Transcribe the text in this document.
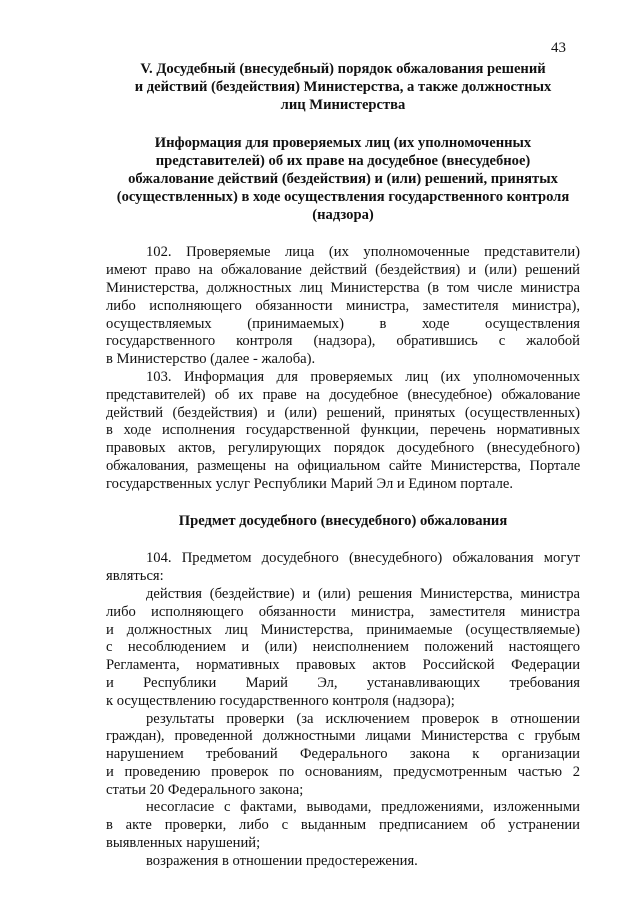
43
V. Досудебный (внесудебный) порядок обжалования решений
и действий (бездействия) Министерства, а также должностных
лиц Министерства
Информация для проверяемых лиц (их уполномоченных
представителей) об их праве на досудебное (внесудебное)
обжалование действий (бездействия) и (или) решений, принятых
(осуществленных) в ходе осуществления государственного контроля
(надзора)
102. Проверяемые лица (их уполномоченные представители)
имеют право на обжалование действий (бездействия) и (или) решений
Министерства, должностных лиц Министерства (в том числе министра
либо исполняющего обязанности министра, заместителя министра),
осуществляемых (принимаемых) в ходе осуществления
государственного контроля (надзора), обратившись с жалобой
в Министерство (далее - жалоба).
103. Информация для проверяемых лиц (их уполномоченных
представителей) об их праве на досудебное (внесудебное) обжалование
действий (бездействия) и (или) решений, принятых (осуществленных)
в ходе исполнения государственной функции, перечень нормативных
правовых актов, регулирующих порядок досудебного (внесудебного)
обжалования, размещены на официальном сайте Министерства, Портале
государственных услуг Республики Марий Эл и Едином портале.
Предмет досудебного (внесудебного) обжалования
104. Предметом досудебного (внесудебного) обжалования могут
являться:
действия (бездействие) и (или) решения Министерства, министра
либо исполняющего обязанности министра, заместителя министра
и должностных лиц Министерства, принимаемые (осуществляемые)
с несоблюдением и (или) неисполнением положений настоящего
Регламента, нормативных правовых актов Российской Федерации
и Республики Марий Эл, устанавливающих требования
к осуществлению государственного контроля (надзора);
результаты проверки (за исключением проверок в отношении
граждан), проведенной должностными лицами Министерства с грубым
нарушением требований Федерального закона к организации
и проведению проверок по основаниям, предусмотренным частью 2
статьи 20 Федерального закона;
несогласие с фактами, выводами, предложениями, изложенными
в акте проверки, либо с выданным предписанием об устранении
выявленных нарушений;
возражения в отношении предостережения.
